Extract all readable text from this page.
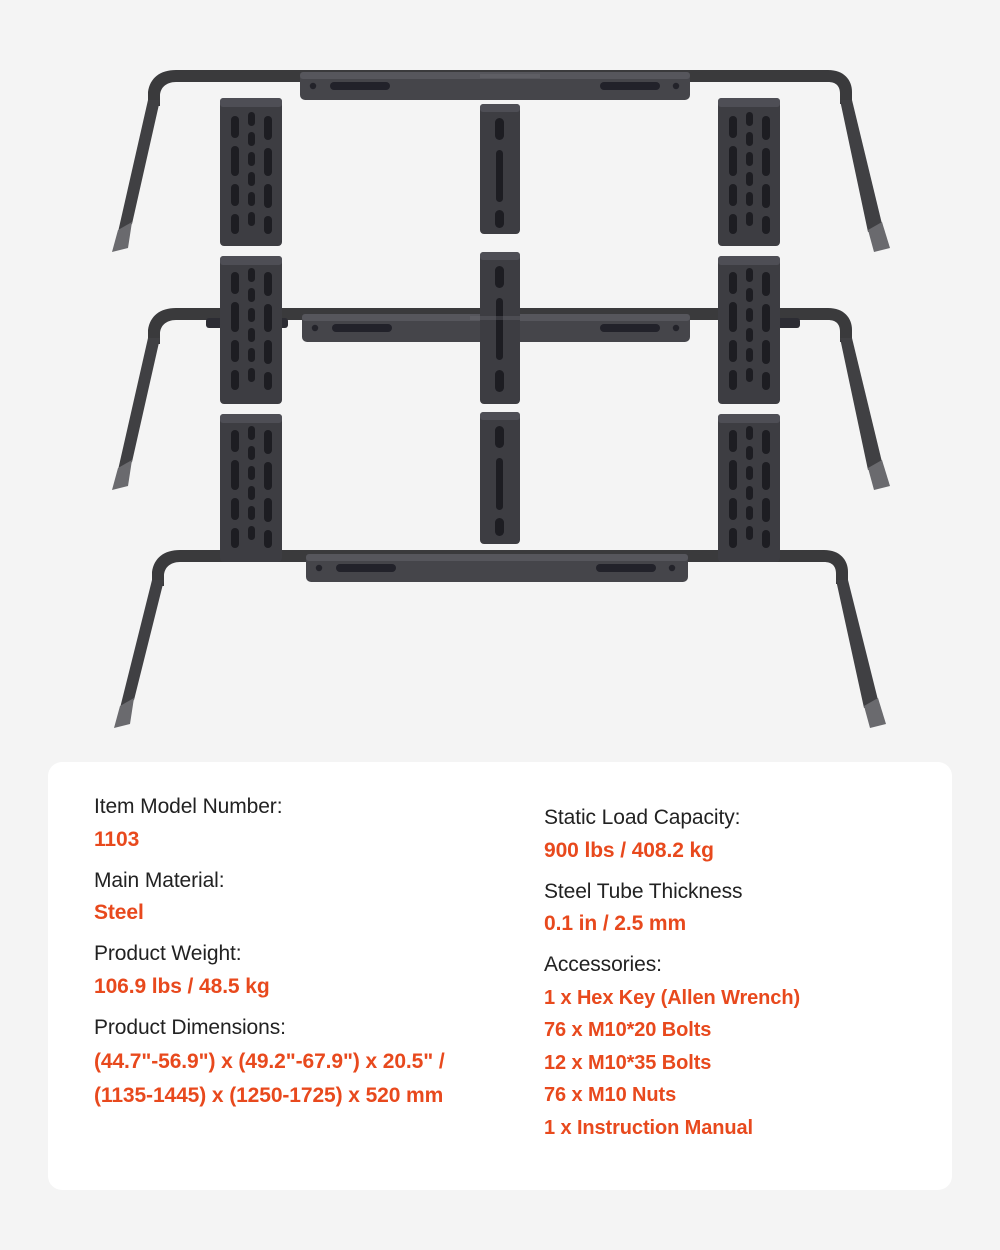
Item Model Number:
1103
Main Material:
Steel
Product Weight:
106.9 lbs / 48.5 kg
Product Dimensions:
(44.7"-56.9") x (49.2"-67.9") x 20.5" /
(1135-1445) x (1250-1725) x 520 mm
Static Load Capacity:
900 lbs / 408.2 kg
Steel Tube Thickness
0.1 in / 2.5 mm
Accessories:
1 x Hex Key (Allen Wrench)
76 x M10*20 Bolts
12 x M10*35 Bolts
76 x M10 Nuts
1 x Instruction Manual
